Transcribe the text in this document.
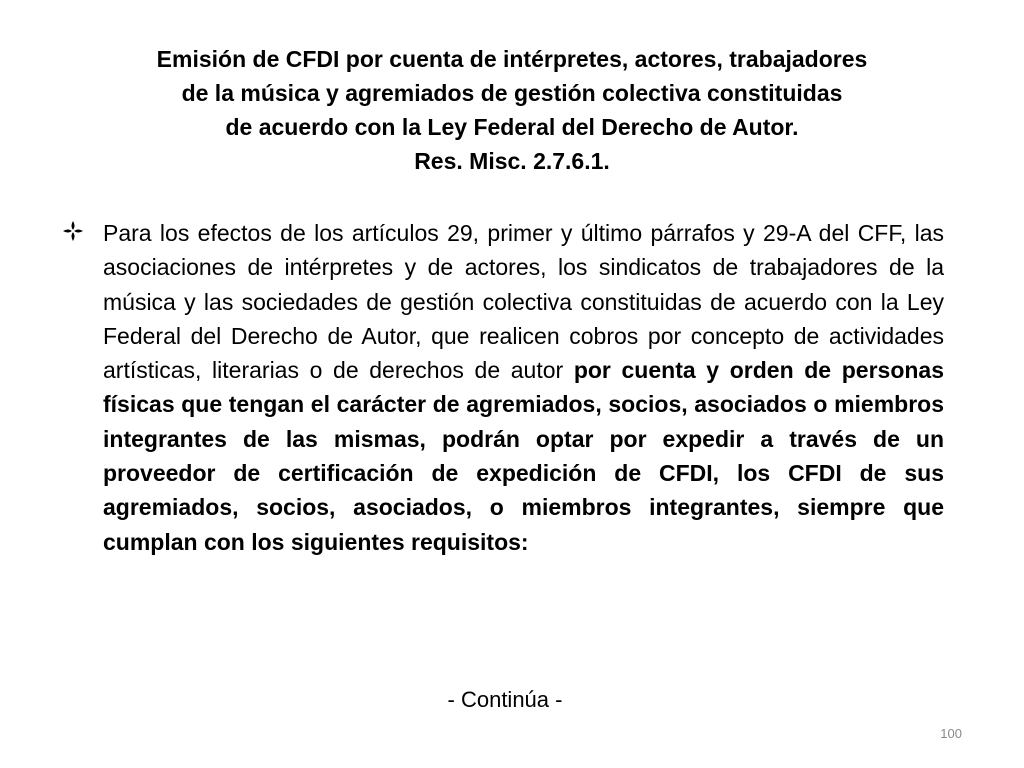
Emisión de CFDI por cuenta de intérpretes, actores, trabajadores
de la música y agremiados de gestión colectiva constituidas
de acuerdo con la Ley Federal del Derecho de Autor.
Res. Misc. 2.7.6.1.

Para los efectos de los artículos 29, primer y último párrafos y 29-A del CFF, las asociaciones de intérpretes y de actores, los sindicatos de trabajadores de la música y las sociedades de gestión colectiva constituidas de acuerdo con la Ley Federal del Derecho de Autor, que realicen cobros por concepto de actividades artísticas, literarias o de derechos de autor por cuenta y orden de personas físicas que tengan el carácter de agremiados, socios, asociados o miembros integrantes de las mismas, podrán optar por expedir a través de un proveedor de certificación de expedición de CFDI, los CFDI de sus agremiados, socios, asociados, o miembros integrantes, siempre que cumplan con los siguientes requisitos:

- Continúa -
100
